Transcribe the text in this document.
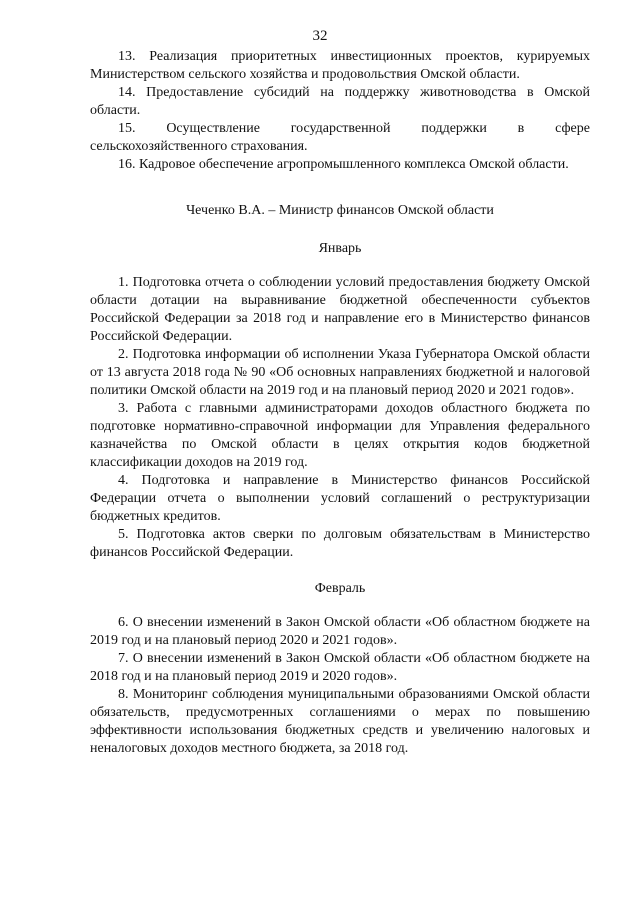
32

13. Реализация приоритетных инвестиционных проектов, курируемых Министерством сельского хозяйства и продовольствия Омской области.

14. Предоставление субсидий на поддержку животноводства в Омской области.

15. Осуществление государственной поддержки в сфере сельскохозяйственного страхования.

16. Кадровое обеспечение агропромышленного комплекса Омской области.

Чеченко В.А. – Министр финансов Омской области

Январь

1. Подготовка отчета о соблюдении условий предоставления бюджету Омской области дотации на выравнивание бюджетной обеспеченности субъектов Российской Федерации за 2018 год и направление его в Министерство финансов Российской Федерации.

2. Подготовка информации об исполнении Указа Губернатора Омской области от 13 августа 2018 года № 90 «Об основных направлениях бюджетной и налоговой политики Омской области на 2019 год и на плановый период 2020 и 2021 годов».

3. Работа с главными администраторами доходов областного бюджета по подготовке нормативно-справочной информации для Управления федерального казначейства по Омской области в целях открытия кодов бюджетной классификации доходов на 2019 год.

4. Подготовка и направление в Министерство финансов Российской Федерации отчета о выполнении условий соглашений о реструктуризации бюджетных кредитов.

5. Подготовка актов сверки по долговым обязательствам в Министерство финансов Российской Федерации.

Февраль

6. О внесении изменений в Закон Омской области «Об областном бюджете на 2019 год и на плановый период 2020 и 2021 годов».

7. О внесении изменений в Закон Омской области «Об областном бюджете на 2018 год и на плановый период 2019 и 2020 годов».

8. Мониторинг соблюдения муниципальными образованиями Омской области обязательств, предусмотренных соглашениями о мерах по повышению эффективности использования бюджетных средств и увеличению налоговых и неналоговых доходов местного бюджета, за 2018 год.
